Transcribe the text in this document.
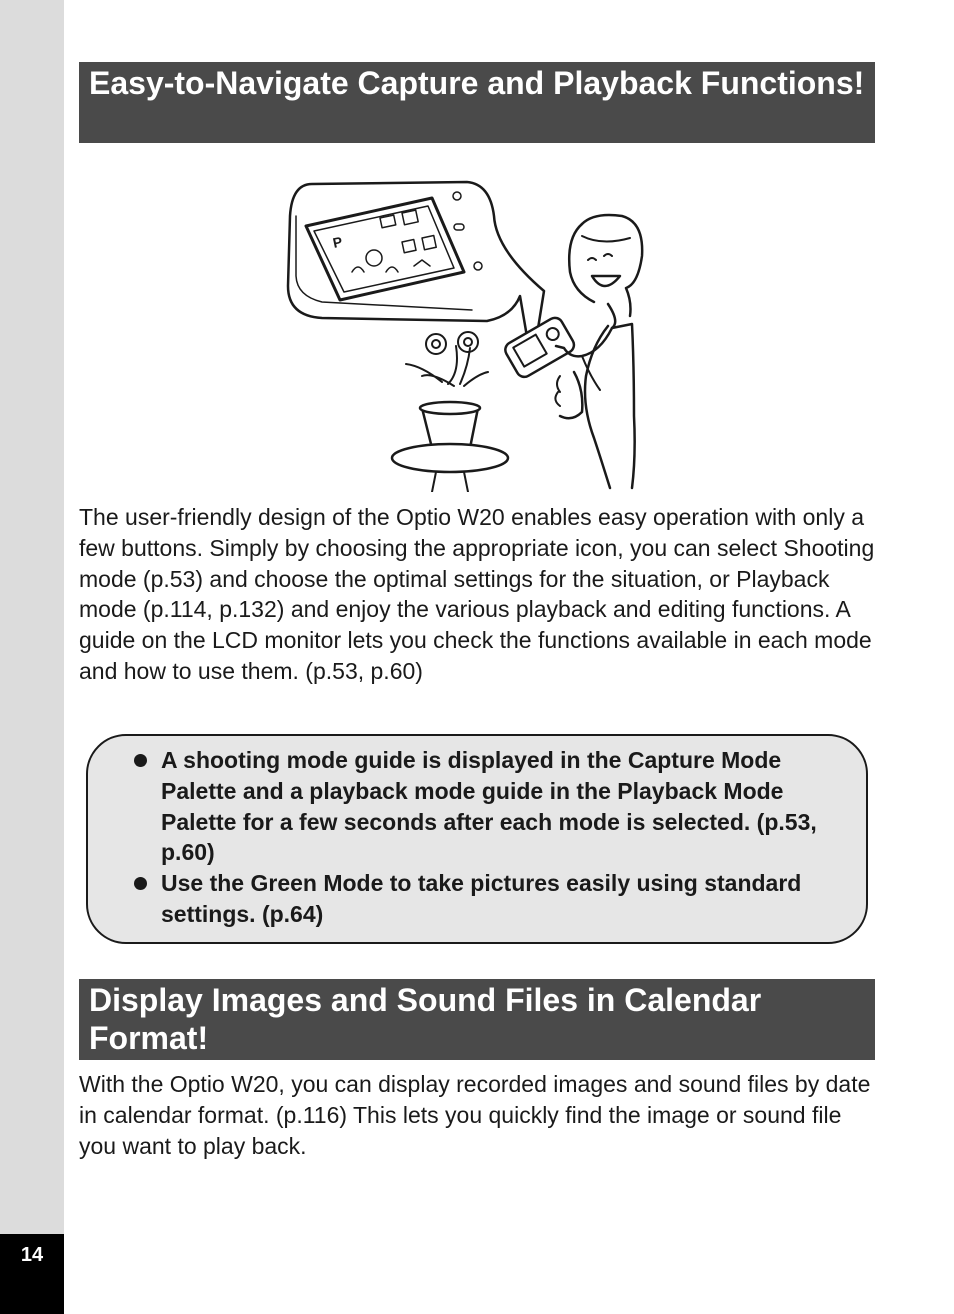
14
Easy-to-Navigate Capture and Playback Functions!
P

The user-friendly design of the Optio W20 enables easy operation with only a few buttons. Simply by choosing the appropriate icon, you can select Shooting mode (p.53) and choose the optimal settings for the situation, or Playback mode (p.114, p.132) and enjoy the various playback and editing functions. A guide on the LCD monitor lets you check the functions available in each mode and how to use them. (p.53, p.60)

A shooting mode guide is displayed in the Capture Mode Palette and a playback mode guide in the Playback Mode Palette for a few seconds after each mode is selected. (p.53, p.60)
Use the Green Mode to take pictures easily using standard settings. (p.64)
Display Images and Sound Files in Calendar Format!

With the Optio W20, you can display recorded images and sound files by date in calendar format. (p.116) This lets you quickly find the image or sound file you want to play back.
